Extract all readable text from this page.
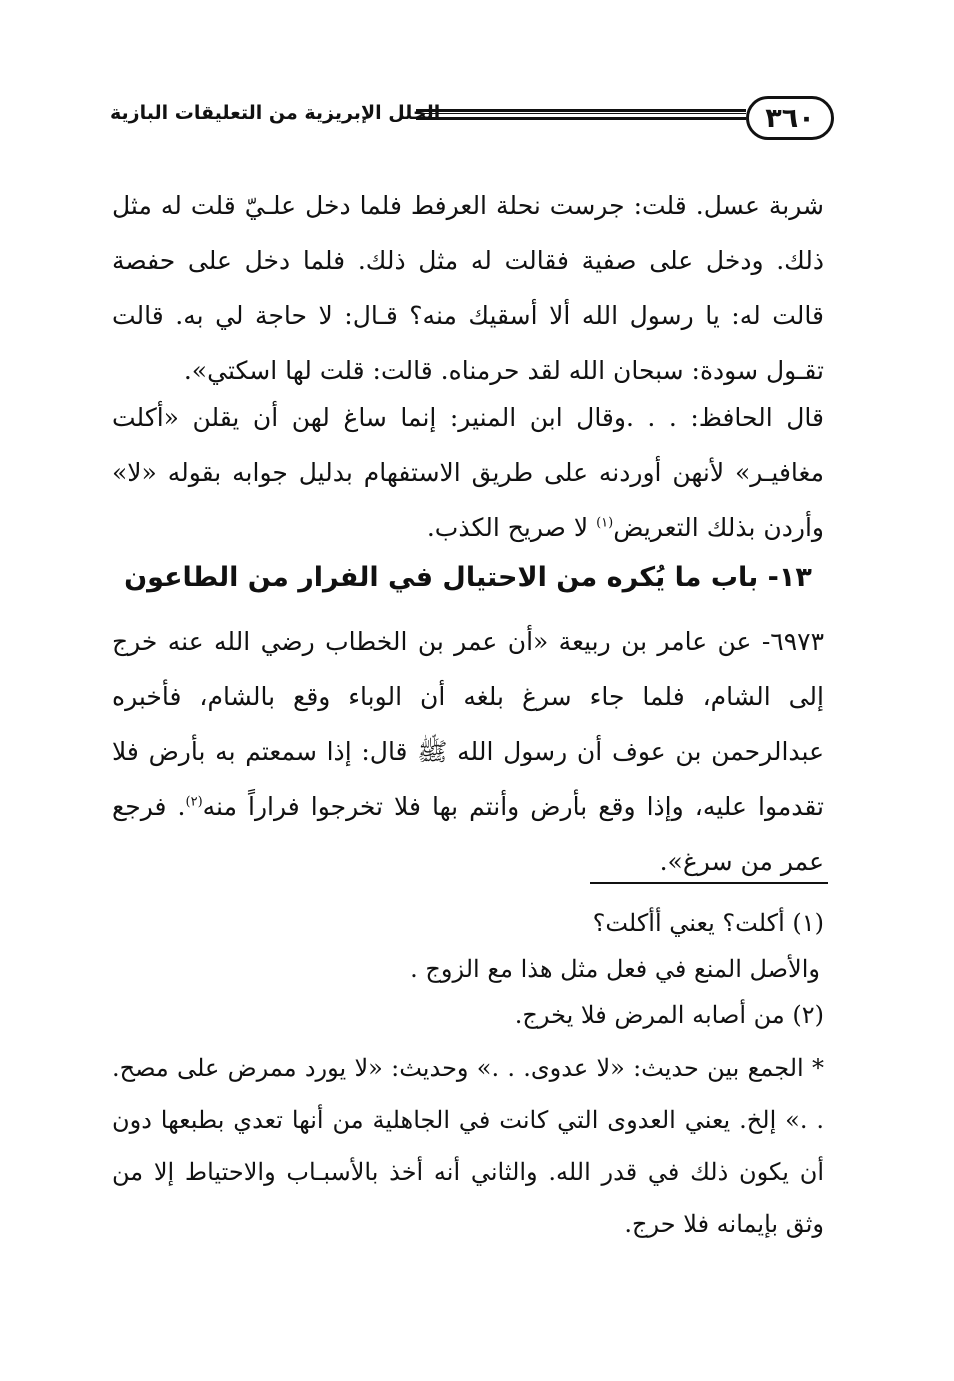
٣٦٠
الحلل الإبريزية من التعليقات البازية

شربة عسل. قلت: جرست نحلة العرفط فلما دخل علـيّ قلت له مثل ذلك. ودخل على صفية فقالت له مثل ذلك. فلما دخل على حفصة قالت له: يا رسول الله ألا أسقيك منه؟ قـال: لا حاجة لي به. قالت تقـول سودة: سبحان الله لقد حرمناه. قالت: قلت لها اسكتي».

قال الحافظ: . . .وقال ابن المنير: إنما ساغ لهن أن يقلن «أكلت مغافيـر» لأنهن أوردنه على طريق الاستفهام بدليل جوابه بقوله «لا» وأردن بذلك التعريض$^{(١)}$ لا صريح الكذب.

١٣- باب ما يُكره من الاحتيال في الفرار من الطاعون

٦٩٧٣- عن عامر بن ربيعة «أن عمر بن الخطاب رضي الله عنه خرج إلى الشام، فلما جاء سرغ بلغه أن الوباء وقع بالشام، فأخبره عبدالرحمن بن عوف أن رسول الله ﷺ قال: إذا سمعتم به بأرض فلا تقدموا عليه، وإذا وقع بأرض وأنتم بها فلا تخرجوا فراراً منه$^{(٢)}$. فرجع عمر من سرغ».

(١) أكلت؟ يعني أأكلت؟

والأصل المنع في فعل مثل هذا مع الزوج .

(٢) من أصابه المرض فلا يخرج.

* الجمع بين حديث: «لا عدوى. . .» وحديث: «لا يورد ممرض على مصح. . .» إلخ. يعني العدوى التي كانت في الجاهلية من أنها تعدي بطبعها دون أن يكون ذلك في قدر الله. والثاني أنه أخذ بالأسبـاب والاحتياط إلا من وثق بإيمانه فلا حرج.
